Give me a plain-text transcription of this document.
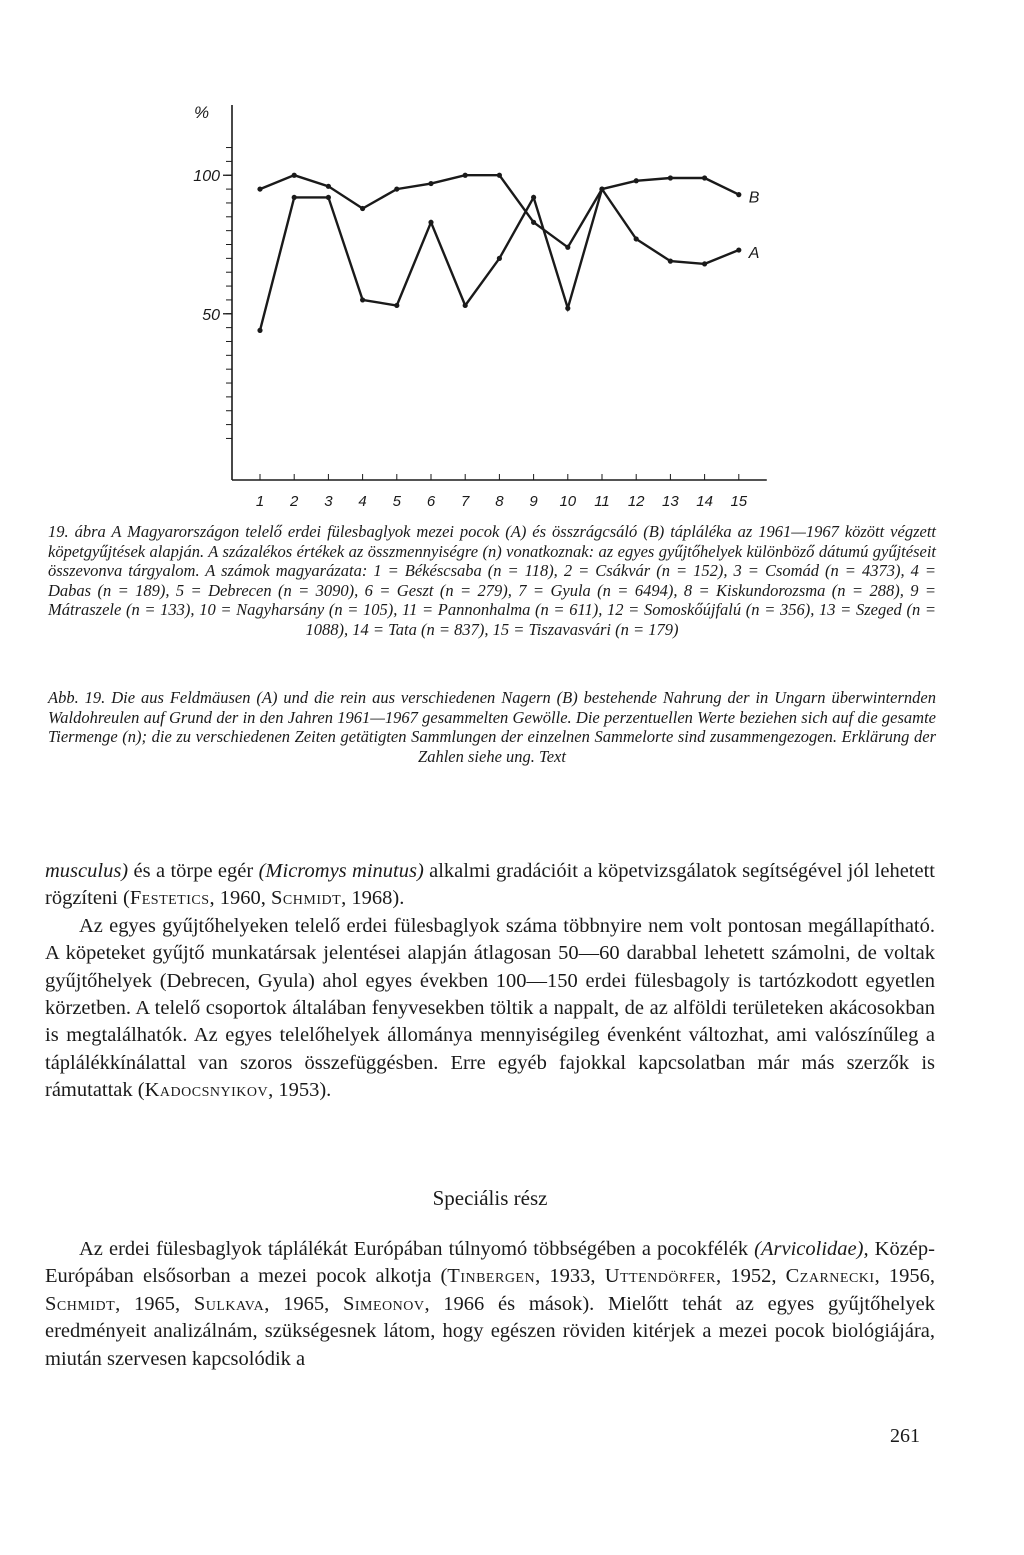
%
50
100
1 2 3 4 5 6 7 8 9 10 11 12 13 14 15
B
A

19. ábra A Magyarországon telelő erdei fülesbaglyok mezei pocok (A) és összrágcsáló (B) tápláléka az 1961—1967 között végzett köpetgyűjtések alapján. A százalékos értékek az összmennyiségre (n) vonatkoznak: az egyes gyűjtőhelyek különböző dátumú gyűjtéseit összevonva tárgyalom. A számok magyarázata: 1 = Békéscsaba (n = 118), 2 = Csákvár (n = 152), 3 = Csomád (n = 4373), 4 = Dabas (n = 189), 5 = Debrecen (n = 3090), 6 = Geszt (n = 279), 7 = Gyula (n = 6494), 8 = Kiskundorozsma (n = 288), 9 = Mátraszele (n = 133), 10 = Nagyharsány (n = 105), 11 = Pannonhalma (n = 611), 12 = Somoskőújfalú (n = 356), 13 = Szeged (n = 1088), 14 = Tata (n = 837), 15 = Tiszavasvári (n = 179)

Abb. 19. Die aus Feldmäusen (A) und die rein aus verschiedenen Nagern (B) bestehende Nahrung der in Ungarn überwinternden Waldohreulen auf Grund der in den Jahren 1961—1967 gesammelten Gewölle. Die perzentuellen Werte beziehen sich auf die gesamte Tiermenge (n); die zu verschiedenen Zeiten getätigten Sammlungen der einzelnen Sammelorte sind zusammengezogen. Erklärung der Zahlen siehe ung. Text

musculus) és a törpe egér (Micromys minutus) alkalmi gradációit a köpetvizsgálatok segítségével jól lehetett rögzíteni (Festetics, 1960, Schmidt, 1968).

Az egyes gyűjtőhelyeken telelő erdei fülesbaglyok száma többnyire nem volt pontosan megállapítható. A köpeteket gyűjtő munkatársak jelentései alapján átlagosan 50—60 darabbal lehetett számolni, de voltak gyűjtőhelyek (Debrecen, Gyula) ahol egyes években 100—150 erdei fülesbagoly is tartózkodott egyetlen körzetben. A telelő csoportok általában fenyvesekben töltik a nappalt, de az alföldi területeken akácosokban is megtalálhatók. Az egyes telelőhelyek állománya mennyiségileg évenként változhat, ami valószínűleg a táplálékkínálattal van szoros összefüggésben. Erre egyéb fajokkal kapcsolatban már más szerzők is rámutattak (Kadocsnyikov, 1953).

Speciális rész

Az erdei fülesbaglyok táplálékát Európában túlnyomó többségében a pocokfélék (Arvicolidae), Közép-Európában elsősorban a mezei pocok alkotja (Tinbergen, 1933, Uttendörfer, 1952, Czarnecki, 1956, Schmidt, 1965, Sulkava, 1965, Simeonov, 1966 és mások). Mielőtt tehát az egyes gyűjtőhelyek eredményeit analizálnám, szükségesnek látom, hogy egészen röviden kitérjek a mezei pocok biológiájára, miután szervesen kapcsolódik a

261
